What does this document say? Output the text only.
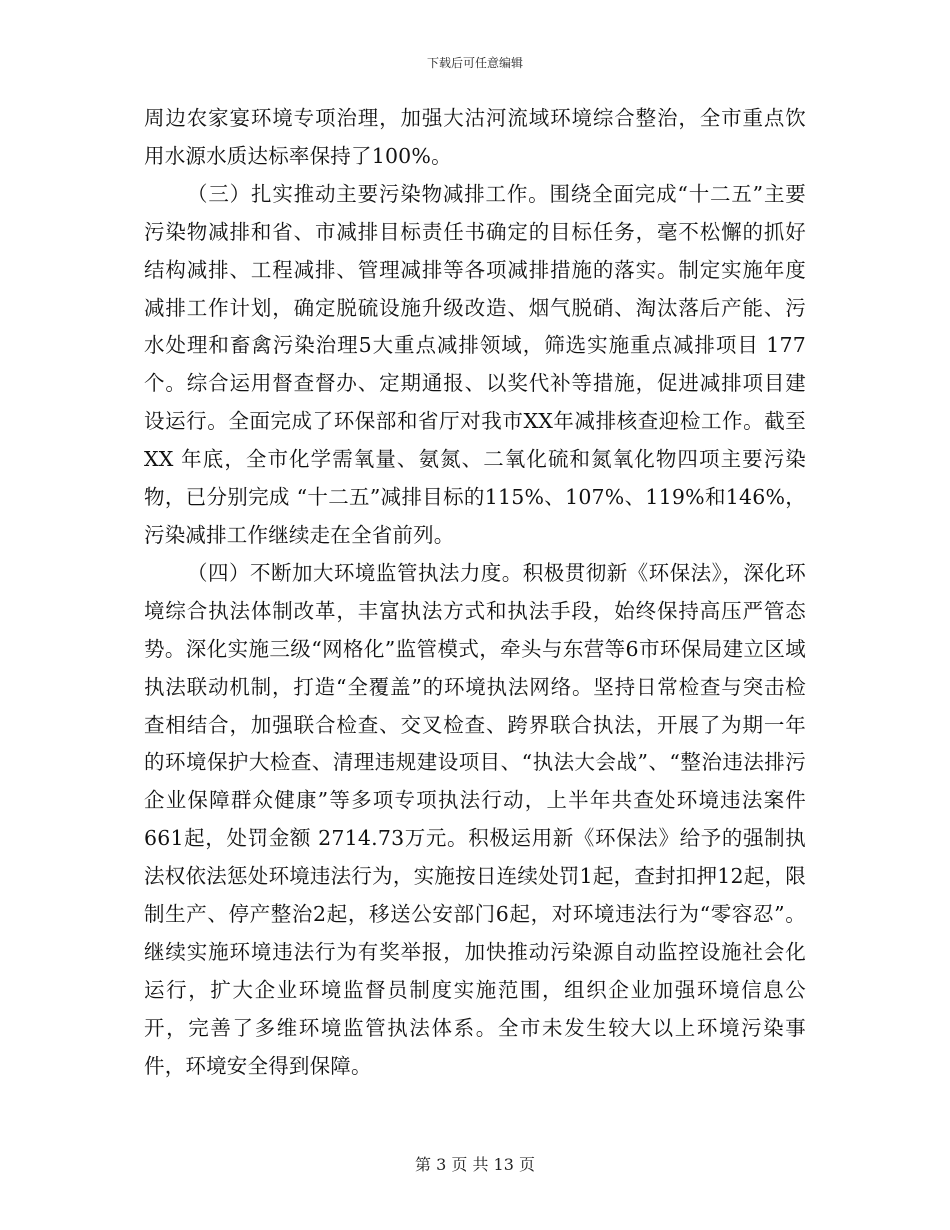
下载后可任意编辑

周边农家宴环境专项治理，加强大沽河流域环境综合整治，全市重点饮用水源水质达标率保持了100%。

（三）扎实推动主要污染物减排工作。围绕全面完成“十二五”主要污染物减排和省、市减排目标责任书确定的目标任务，毫不松懈的抓好结构减排、工程减排、管理减排等各项减排措施的落实。制定实施年度减排工作计划，确定脱硫设施升级改造、烟气脱硝、淘汰落后产能、污水处理和畜禽污染治理5大重点减排领域，筛选实施重点减排项目 177个。综合运用督查督办、定期通报、以奖代补等措施，促进减排项目建设运行。全面完成了环保部和省厅对我市XX年减排核查迎检工作。截至XX 年底，全市化学需氧量、氨氮、二氧化硫和氮氧化物四项主要污染物，已分别完成 “十二五”减排目标的115%、107%、119%和146%，污染减排工作继续走在全省前列。

（四）不断加大环境监管执法力度。积极贯彻新《环保法》，深化环境综合执法体制改革，丰富执法方式和执法手段，始终保持高压严管态势。深化实施三级“网格化”监管模式，牵头与东营等6市环保局建立区域执法联动机制，打造“全覆盖”的环境执法网络。坚持日常检查与突击检查相结合，加强联合检查、交叉检查、跨界联合执法，开展了为期一年的环境保护大检查、清理违规建设项目、“执法大会战”、“整治违法排污企业保障群众健康”等多项专项执法行动，上半年共查处环境违法案件661起，处罚金额 2714.73万元。积极运用新《环保法》给予的强制执法权依法惩处环境违法行为，实施按日连续处罚1起，查封扣押12起，限制生产、停产整治2起，移送公安部门6起，对环境违法行为“零容忍”。继续实施环境违法行为有奖举报，加快推动污染源自动监控设施社会化运行，扩大企业环境监督员制度实施范围，组织企业加强环境信息公开，完善了多维环境监管执法体系。全市未发生较大以上环境污染事件，环境安全得到保障。

第 3 页 共 13 页
